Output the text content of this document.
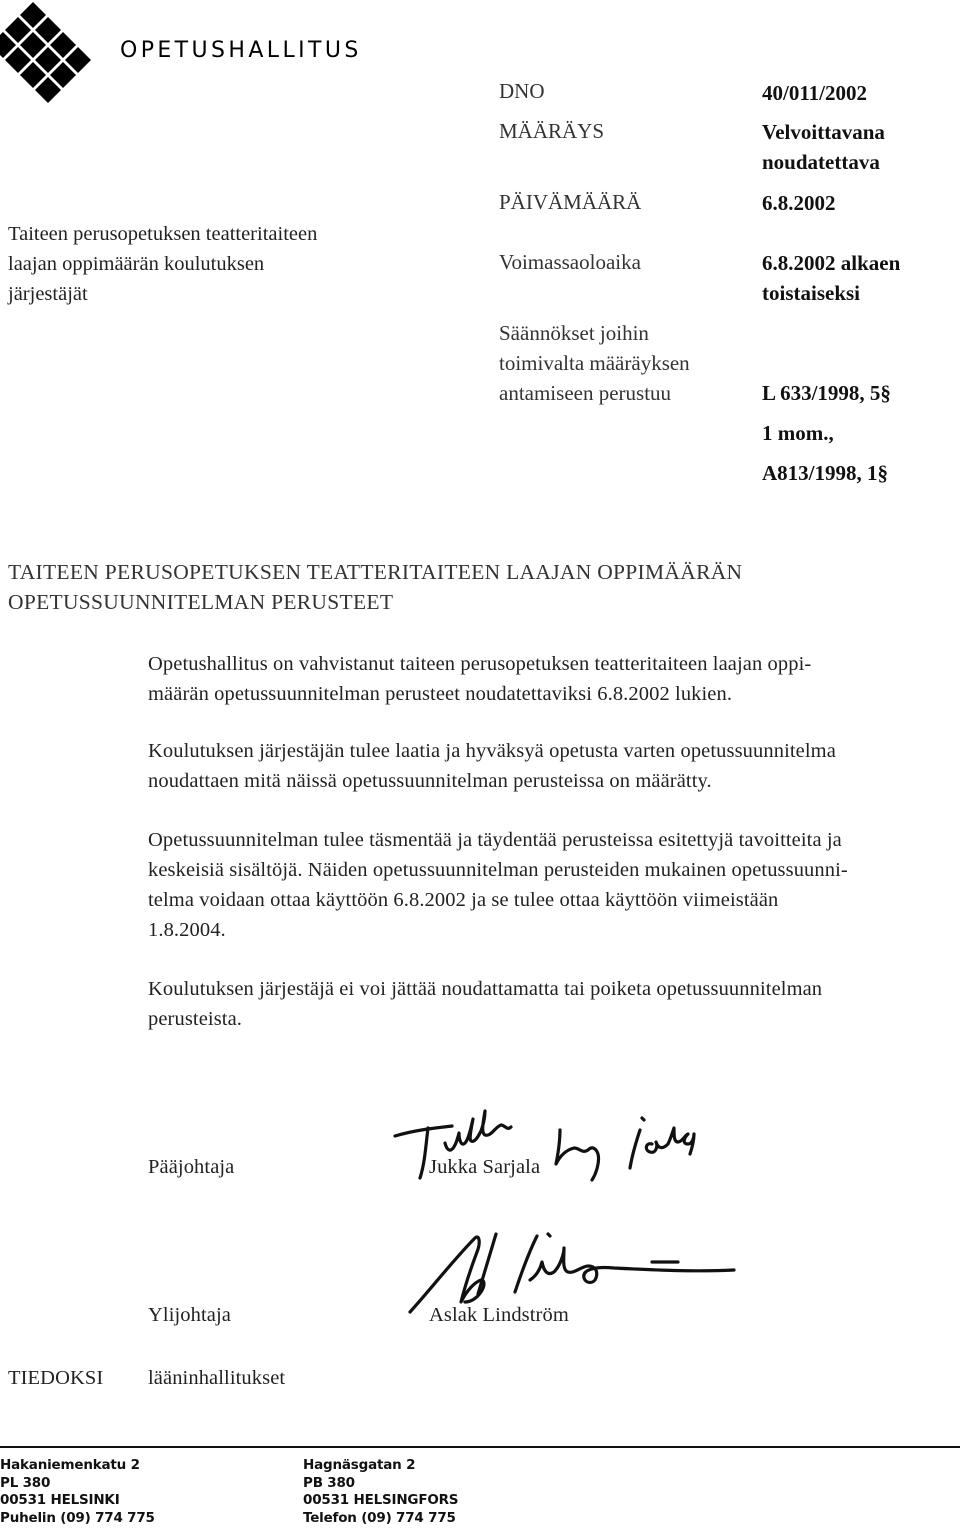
OPETUSHALLITUS
Taiteen perusopetuksen teatteritaiteen
laajan oppimäärän koulutuksen
järjestäjät
DNO	40/011/2002
MÄÄRÄYS	Velvoittavana
noudatettava
PÄIVÄMÄÄRÄ	6.8.2002
Voimassaoloaika	6.8.2002 alkaen
toistaiseksi
Säännökset joihin
toimivalta määräyksen
antamiseen perustuu	L 633/1998, 5§
1 mom.,
A813/1998, 1§
TAITEEN PERUSOPETUKSEN TEATTERITAITEEN LAAJAN OPPIMÄÄRÄN
OPETUSSUUNNITELMAN PERUSTEET
Opetushallitus on vahvistanut taiteen perusopetuksen teatteritaiteen laajan oppi-
määrän opetussuunnitelman perusteet noudatettaviksi 6.8.2002 lukien.
Koulutuksen järjestäjän tulee laatia ja hyväksyä opetusta varten opetussuunnitelma
noudattaen mitä näissä opetussuunnitelman perusteissa on määrätty.
Opetussuunnitelman tulee täsmentää ja täydentää perusteissa esitettyjä tavoitteita ja
keskeisiä sisältöjä. Näiden opetussuunnitelman perusteiden mukainen opetussuunni-
telma voidaan ottaa käyttöön 6.8.2002 ja se tulee ottaa käyttöön viimeistään
1.8.2004.
Koulutuksen järjestäjä ei voi jättää noudattamatta tai poiketa opetussuunnitelman
perusteista.
Pääjohtaja	Jukka Sarjala
Ylijohtaja	Aslak Lindström
TIEDOKSI lääninhallitukset
Hakaniemenkatu 2
PL 380
00531 HELSINKI
Puhelin (09) 774 775
Hagnäsgatan 2
PB 380
00531 HELSINGFORS
Telefon (09) 774 775
